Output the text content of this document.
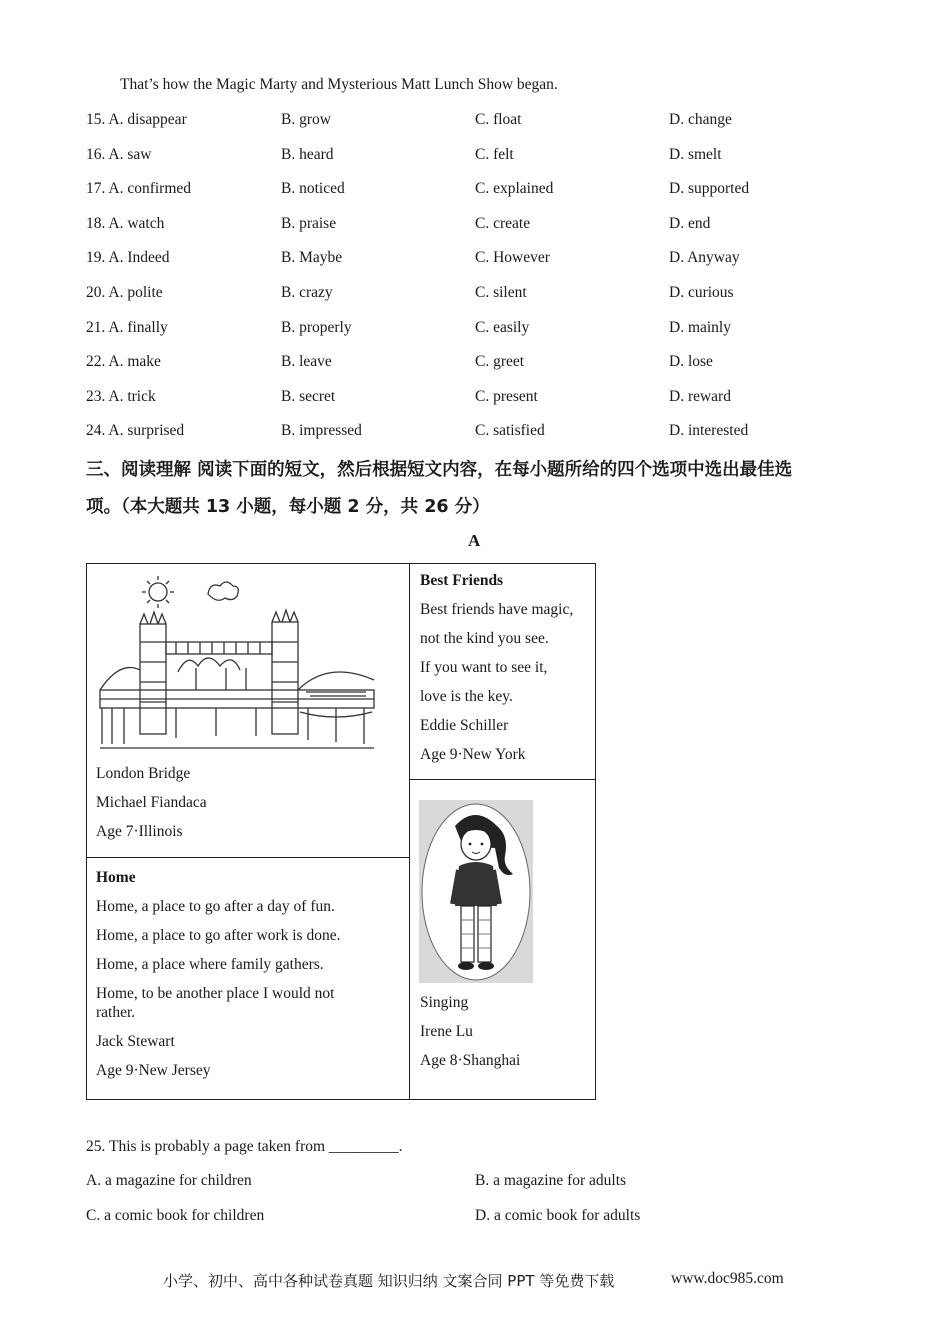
That’s how the Magic Marty and Mysterious Matt Lunch Show began.
15. A. disappear	B. grow	C. float	D. change
16. A. saw	B. heard	C. felt	D. smelt
17. A. confirmed	B. noticed	C. explained	D. supported
18. A. watch	B. praise	C. create	D. end
19. A. Indeed	B. Maybe	C. However	D. Anyway
20. A. polite	B. crazy	C. silent	D. curious
21. A. finally	B. properly	C. easily	D. mainly
22. A. make	B. leave	C. greet	D. lose
23. A. trick	B. secret	C. present	D. reward
24. A. surprised	B. impressed	C. satisfied	D. interested
三、阅读理解 阅读下面的短文，然后根据短文内容，在每小题所给的四个选项中选出最佳选
项。（本大题共 13 小题，每小题 2 分，共 26 分）
A
London Bridge
Michael Fiandaca
Age 7·Illinois
Best Friends
Best friends have magic,
not the kind you see.
If you want to see it,
love is the key.
Eddie Schiller
Age 9·New York
Home
Home, a place to go after a day of fun.
Home, a place to go after work is done.
Home, a place where family gathers.
Home, to be another place I would not
rather.
Jack Stewart
Age 9·New Jersey
Singing
Irene Lu
Age 8·Shanghai
25. This is probably a page taken from _________.
A. a magazine for children	B. a magazine for adults
C. a comic book for children	D. a comic book for adults
小学、初中、高中各种试卷真题 知识归纳 文案合同 PPT 等免费下载	www.doc985.com
